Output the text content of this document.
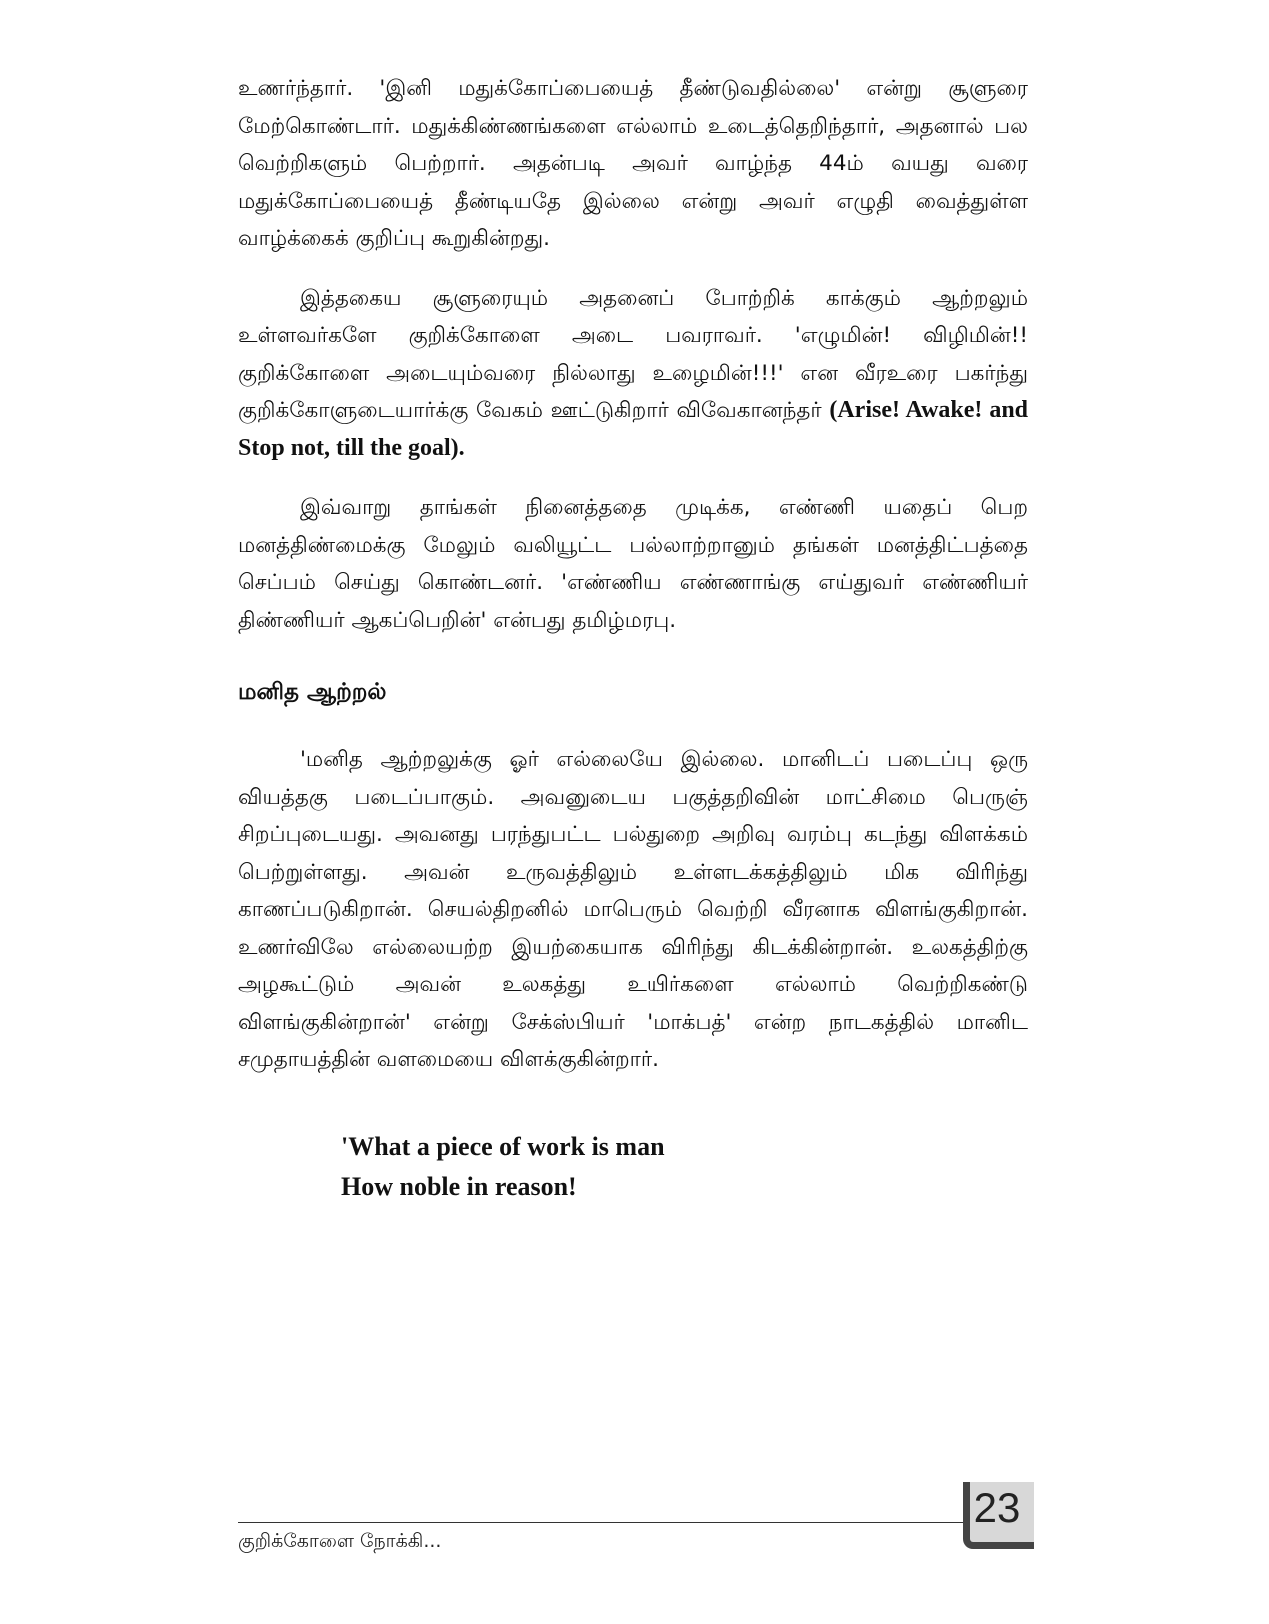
உணர்ந்தார். 'இனி மதுக்கோப்பையைத் தீண்டுவதில்லை' என்று சூளுரை மேற்கொண்டார். மதுக்கிண்ணங்களை எல்லாம் உடைத்தெறிந்தார், அதனால் பல வெற்றிகளும் பெற்றார். அதன்படி அவர் வாழ்ந்த 44ம் வயது வரை மதுக்கோப்பையைத் தீண்டியதே இல்லை என்று அவர் எழுதி வைத்துள்ள வாழ்க்கைக் குறிப்பு கூறுகின்றது.

இத்தகைய சூளுரையும் அதனைப் போற்றிக் காக்கும் ஆற்றலும் உள்ளவர்களே குறிக்கோளை அடை பவராவர். 'எழுமின்! விழிமின்!! குறிக்கோளை அடையும்வரை நில்லாது உழைமின்!!!' என வீரஉரை பகர்ந்து குறிக்கோளுடையார்க்கு வேகம் ஊட்டுகிறார் விவேகானந்தர் (Arise! Awake! and Stop not, till the goal).

இவ்வாறு தாங்கள் நினைத்ததை முடிக்க, எண்ணி யதைப் பெற மனத்திண்மைக்கு மேலும் வலியூட்ட பல்லாற்றானும் தங்கள் மனத்திட்பத்தை செப்பம் செய்து கொண்டனர். 'எண்ணிய எண்ணாங்கு எய்துவர் எண்ணியர் திண்ணியர் ஆகப்பெறின்' என்பது தமிழ்மரபு.

மனித ஆற்றல்

'மனித ஆற்றலுக்கு ஓர் எல்லையே இல்லை. மானிடப் படைப்பு ஒரு வியத்தகு படைப்பாகும். அவனுடைய பகுத்தறிவின் மாட்சிமை பெருஞ் சிறப்புடையது. அவனது பரந்துபட்ட பல்துறை அறிவு வரம்பு கடந்து விளக்கம் பெற்றுள்ளது. அவன் உருவத்திலும் உள்ளடக்கத்திலும் மிக விரிந்து காணப்படுகிறான். செயல்திறனில் மாபெரும் வெற்றி வீரனாக விளங்குகிறான். உணர்விலே எல்லையற்ற இயற்கையாக விரிந்து கிடக்கின்றான். உலகத்திற்கு அழகூட்டும் அவன் உலகத்து உயிர்களை எல்லாம் வெற்றிகண்டு விளங்குகின்றான்' என்று சேக்ஸ்பியர் 'மாக்பத்' என்ற நாடகத்தில் மானிட சமுதாயத்தின் வளமையை விளக்குகின்றார்.

'What a piece of work is man
How noble in reason!
குறிக்கோளை நோக்கி...
23
